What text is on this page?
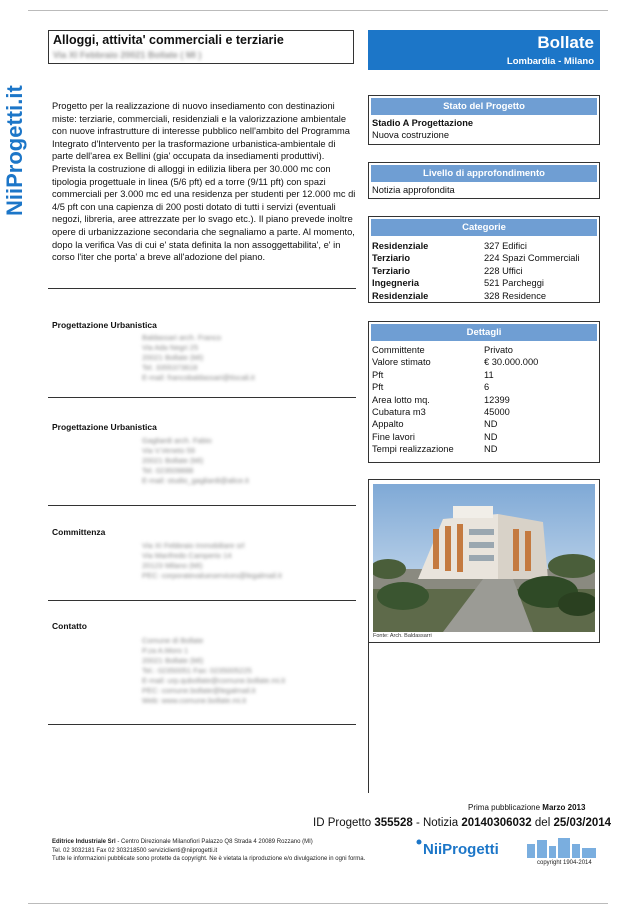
NiiProgetti.it
Alloggi, attivita' commerciali e terziarie
Via XI Febbraio 20021 Bollate ( MI )
Bollate
Lombardia - Milano
Progetto per la realizzazione di nuovo insediamento con destinazioni miste: terziarie, commerciali, residenziali e la valorizzazione ambientale con nuove infrastrutture di interesse pubblico nell'ambito del Programma Integrato d'Intervento per la trasformazione urbanistica-ambientale di parte dell'area ex Bellini (gia' occupata da insediamenti produttivi). Prevista la costruzione di alloggi in edilizia libera per 30.000 mc con tipologia progettuale in linea (5/6 pft) ed a torre (9/11 pft) con spazi commerciali per 3.000 mc ed una residenza per studenti per 12.000 mc di 4/5 pft con una capienza di 200 posti dotato di tutti i servizi (eventuali negozi, libreria, aree attrezzate per lo svago etc.). Il piano prevede inoltre opere di urbanizzazione secondaria che segnaliamo a parte. Al momento, dopo la verifica Vas di cui e' stata definita la non assoggettabilita', e' in corso l'iter che porta' a breve all'adozione del piano.
Progettazione Urbanistica
Baldassari arch. Franco
Via Ada Negri 25
20021 Bollate (MI)
Tel. 3355373618
E-mail: francobaldassari@tiscali.it
Progettazione Urbanistica
Gagliardi arch. Fabio
Via V.Veneto 59
20021 Bollate (MI)
Tel. 023509888
E-mail: studio_gagliardi@alice.it
Committenza
Via XI Febbraio Immobiliare srl
Via Manfredo Camperio 14
20123 Milano (MI)
PEC: corporatevalueservices@legalmail.it
Contatto
Comune di Bollate
P.za A.Moro 1
20021 Bollate (MI)
Tel.: 02350051 Fax: 0235005225
E-mail: urp.qubollate@comune.bollate.mi.it
PEC: comune.bollate@legalmail.it
Web: www.comune.bollate.mi.it
Stato del Progetto
Stadio A Progettazione
Nuova costruzione
Livello di approfondimento
Notizia approfondita
Categorie
Residenziale	327 Edifici
Terziario	224 Spazi Commerciali
Terziario	228 Uffici
Ingegneria	521 Parcheggi
Residenziale	328 Residence
Dettagli
Committente	Privato
Valore stimato	€ 30.000.000
Pft	11
Pft	6
Area lotto mq.	12399
Cubatura m3	45000
Appalto	ND
Fine lavori	ND
Tempi realizzazione	ND
Fonte: Arch. Baldassarri
Prima pubblicazione Marzo 2013
ID Progetto 355528 - Notizia 20140306032 del 25/03/2014
Editrice Industriale Srl - Centro Direzionale Milanofiori Palazzo Q8 Strada 4 20089 Rozzano (MI)
Tel. 02 3032181 Fax 02 303218500 serviziclienti@niiprogetti.it
Tutte le informazioni pubblicate sono protette da copyright. Ne è vietata la riproduzione e/o divulgazione in ogni forma.
NiiProgetti
copyright 1904-2014
